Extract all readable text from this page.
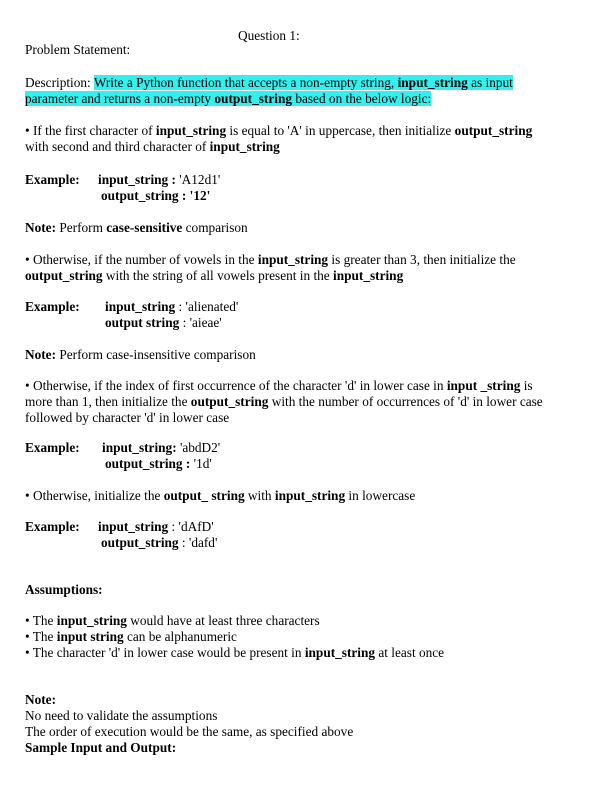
Question 1:
Problem Statement:
Description: Write a Python function that accepts a non-empty string, input_string as input
parameter and returns a non-empty output_string based on the below logic:
• If the first character of input_string is equal to 'A' in uppercase, then initialize output_string
with second and third character of input_string
Example: input_string : 'A12d1'
output_string : '12'
Note: Perform case-sensitive comparison
• Otherwise, if the number of vowels in the input_string is greater than 3, then initialize the
output_string with the string of all vowels present in the input_string
Example: input_string : 'alienated'
output string : 'aieae'
Note: Perform case-insensitive comparison
• Otherwise, if the index of first occurrence of the character 'd' in lower case in input _string is
more than 1, then initialize the output_string with the number of occurrences of 'd' in lower case
followed by character 'd' in lower case
Example: input_string: 'abdD2'
output_string : '1d'
• Otherwise, initialize the output_ string with input_string in lowercase
Example: input_string : 'dAfD'
output_string : 'dafd'
Assumptions:
• The input_string would have at least three characters
• The input string can be alphanumeric
• The character 'd' in lower case would be present in input_string at least once
Note:
No need to validate the assumptions
The order of execution would be the same, as specified above
Sample Input and Output:
